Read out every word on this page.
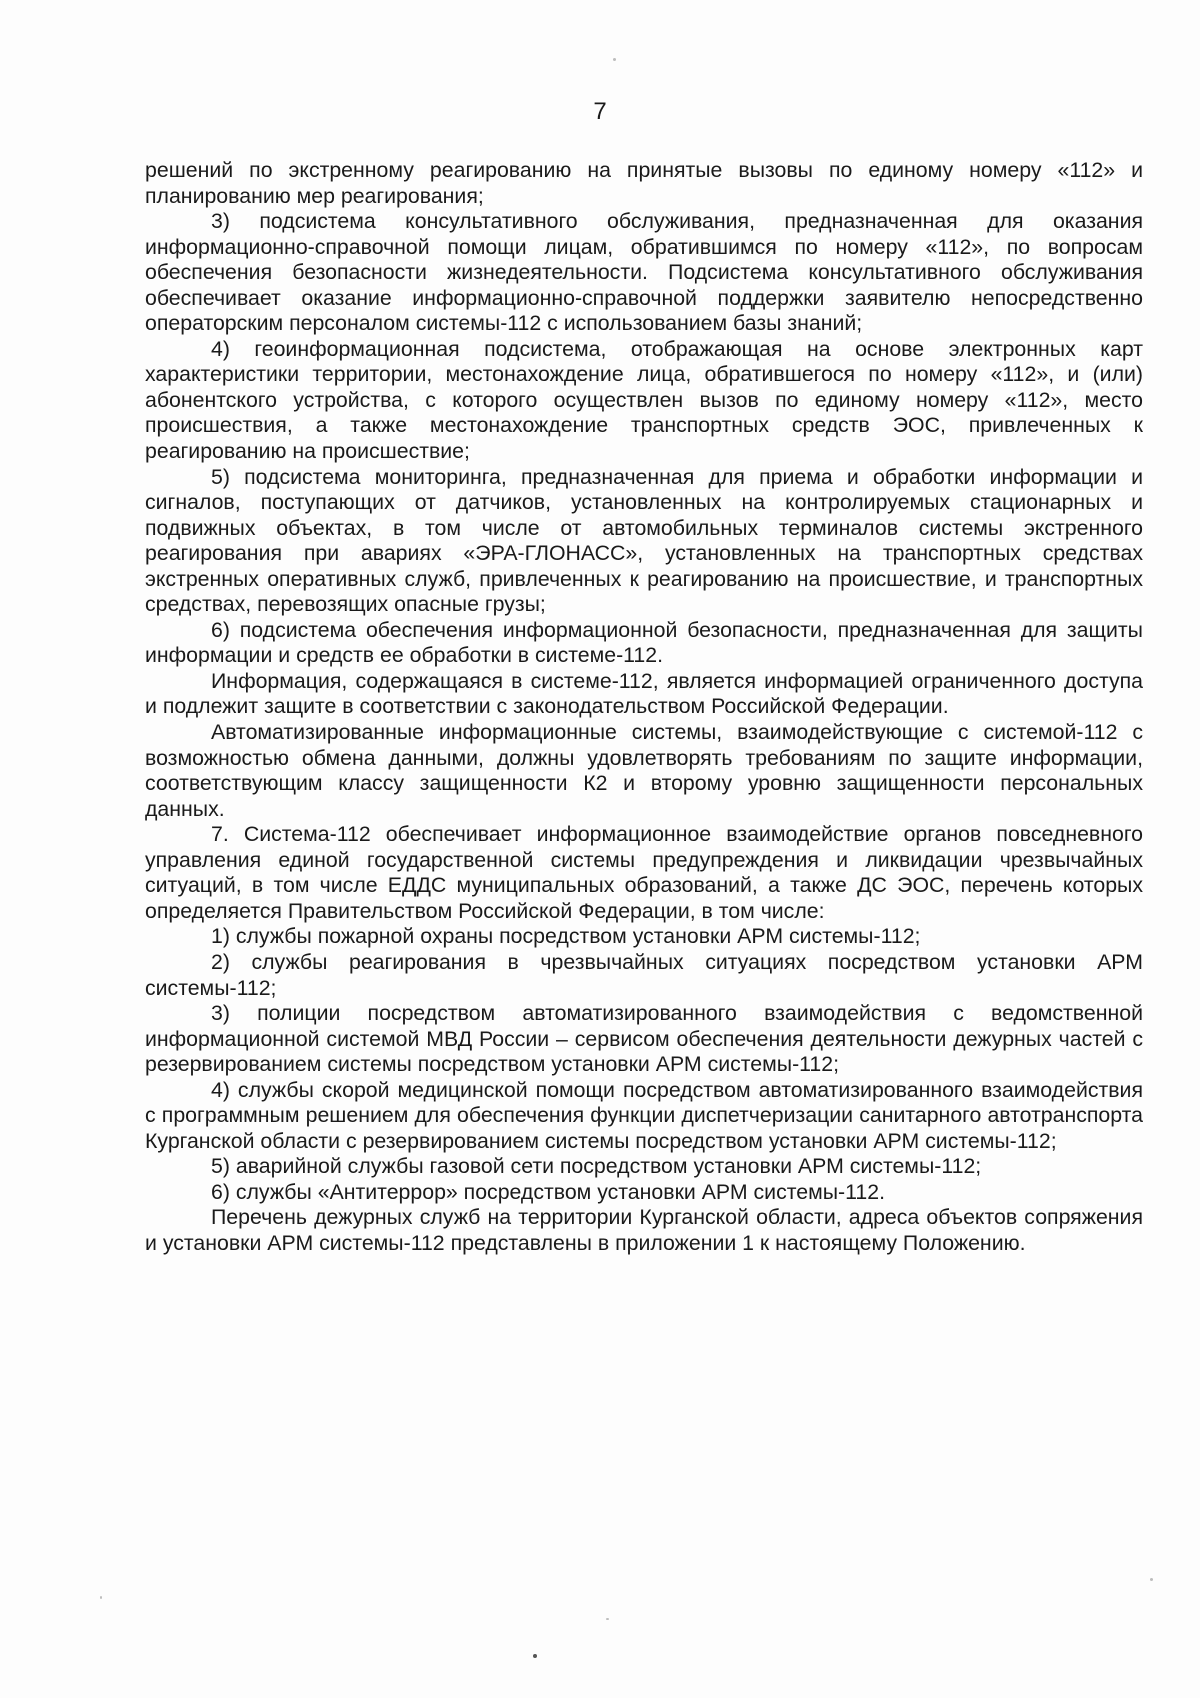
7

решений по экстренному реагированию на принятые вызовы по единому номеру «112» и планированию мер реагирования;

3) подсистема консультативного обслуживания, предназначенная для оказания информационно-справочной помощи лицам, обратившимся по номеру «112», по вопросам обеспечения безопасности жизнедеятельности. Подсистема консультативного обслуживания обеспечивает оказание информационно-справочной поддержки заявителю непосредственно операторским персоналом системы-112 с использованием базы знаний;

4) геоинформационная подсистема, отображающая на основе электронных карт характеристики территории, местонахождение лица, обратившегося по номеру «112», и (или) абонентского устройства, с которого осуществлен вызов по единому номеру «112», место происшествия, а также местонахождение транспортных средств ЭОС, привлеченных к реагированию на происшествие;

5) подсистема мониторинга, предназначенная для приема и обработки информации и сигналов, поступающих от датчиков, установленных на контролируемых стационарных и подвижных объектах, в том числе от автомобильных терминалов системы экстренного реагирования при авариях «ЭРА-ГЛОНАСС», установленных на транспортных средствах экстренных оперативных служб, привлеченных к реагированию на происшествие, и транспортных средствах, перевозящих опасные грузы;

6) подсистема обеспечения информационной безопасности, предназначенная для защиты информации и средств ее обработки в системе-112.

Информация, содержащаяся в системе-112, является информацией ограниченного доступа и подлежит защите в соответствии с законодательством Российской Федерации.

Автоматизированные информационные системы, взаимодействующие с системой-112 с возможностью обмена данными, должны удовлетворять требованиям по защите информации, соответствующим классу защищенности К2 и второму уровню защищенности персональных данных.

7. Система-112 обеспечивает информационное взаимодействие органов повседневного управления единой государственной системы предупреждения и ликвидации чрезвычайных ситуаций, в том числе ЕДДС муниципальных образований, а также ДС ЭОС, перечень которых определяется Правительством Российской Федерации, в том числе:

1) службы пожарной охраны посредством установки АРМ системы-112;

2) службы реагирования в чрезвычайных ситуациях посредством установки АРМ системы-112;

3) полиции посредством автоматизированного взаимодействия с ведомственной информационной системой МВД России – сервисом обеспечения деятельности дежурных частей с резервированием системы посредством установки АРМ системы-112;

4) службы скорой медицинской помощи посредством автоматизированного взаимодействия с программным решением для обеспечения функции диспетчеризации санитарного автотранспорта Курганской области с резервированием системы посредством установки АРМ системы-112;

5) аварийной службы газовой сети посредством установки АРМ системы-112;

6) службы «Антитеррор» посредством установки АРМ системы-112.

Перечень дежурных служб на территории Курганской области, адреса объектов сопряжения и установки АРМ системы-112 представлены в приложении 1 к настоящему Положению.
